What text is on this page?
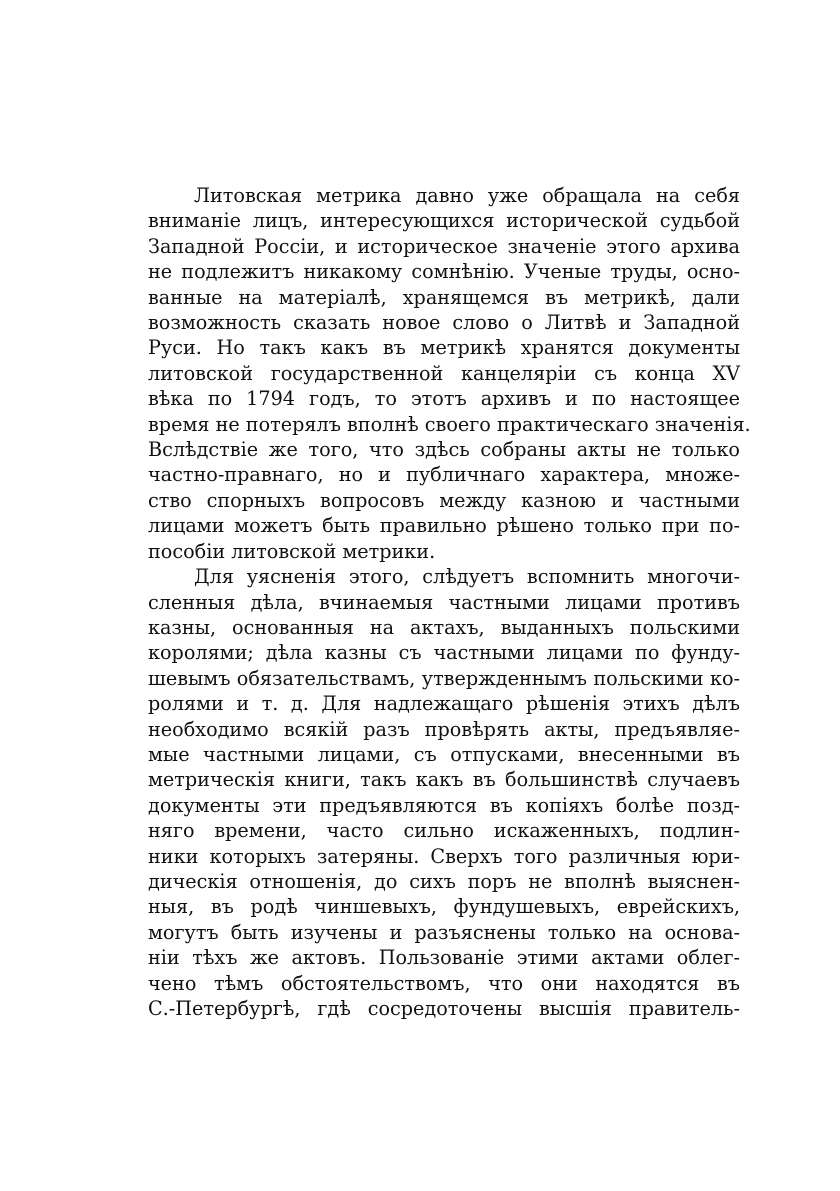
Литовская метрика давно уже обращала на себя
вниманіе лицъ, интересующихся исторической судьбой
Западной Россіи, и историческое значеніе этого архива
не подлежитъ никакому сомнѣнію. Ученые труды, осно-
ванные на матеріалѣ, хранящемся въ метрикѣ, дали
возможность сказать новое слово о Литвѣ и Западной
Руси. Но такъ какъ въ метрикѣ хранятся документы
литовской государственной канцеляріи съ конца XV
вѣка по 1794 годъ, то этотъ архивъ и по настоящее
время не потерялъ вполнѣ своего практическаго значенія.
Вслѣдствіе же того, что здѣсь собраны акты не только
частно-правнаго, но и публичнаго характера, множе-
ство спорныхъ вопросовъ между казною и частными
лицами можетъ быть правильно рѣшено только при по-
пособіи литовской метрики.
Для уясненія этого, слѣдуетъ вспомнить многочи-
сленныя дѣла, вчинаемыя частными лицами противъ
казны, основанныя на актахъ, выданныхъ польскими
королями; дѣла казны съ частными лицами по фунду-
шевымъ обязательствамъ, утвержденнымъ польскими ко-
ролями и т. д. Для надлежащаго рѣшенія этихъ дѣлъ
необходимо всякій разъ провѣрять акты, предъявляе-
мые частными лицами, съ отпусками, внесенными въ
метрическія книги, такъ какъ въ большинствѣ случаевъ
документы эти предъявляются въ копіяхъ болѣе позд-
няго времени, часто сильно искаженныхъ, подлин-
ники которыхъ затеряны. Сверхъ того различныя юри-
дическія отношенія, до сихъ поръ не вполнѣ выяснен-
ныя, въ родѣ чиншевыхъ, фундушевыхъ, еврейскихъ,
могутъ быть изучены и разъяснены только на основа-
ніи тѣхъ же актовъ. Пользованіе этими актами облег-
чено тѣмъ обстоятельствомъ, что они находятся въ
С.-Петербургѣ, гдѣ сосредоточены высшія правитель-
